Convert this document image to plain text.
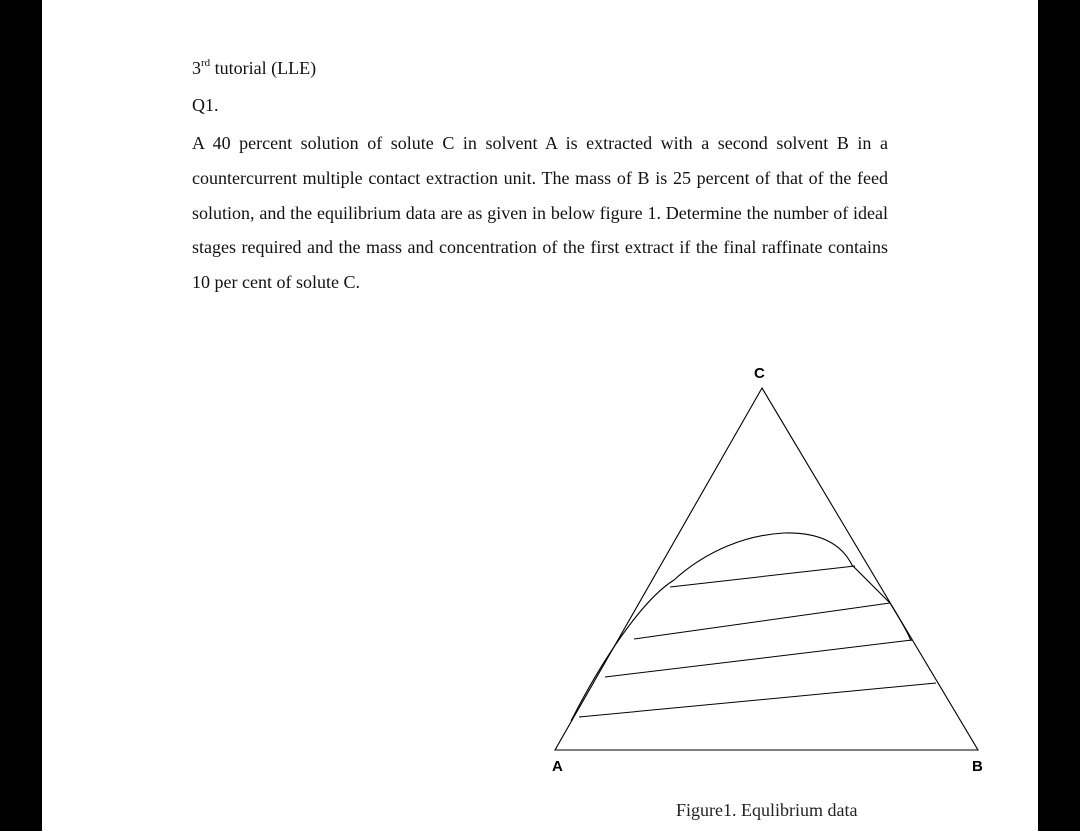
3rd tutorial (LLE)
Q1.

A 40 percent solution of solute C in solvent A is extracted with a second solvent B in a countercurrent multiple contact extraction unit. The mass of B is 25 percent of that of the feed solution, and the equilibrium data are as given in below figure 1. Determine the number of ideal stages required and the mass and concentration of the first extract if the final raffinate contains 10 per cent of solute C.

C
A	B
Figure1. Equlibrium data
